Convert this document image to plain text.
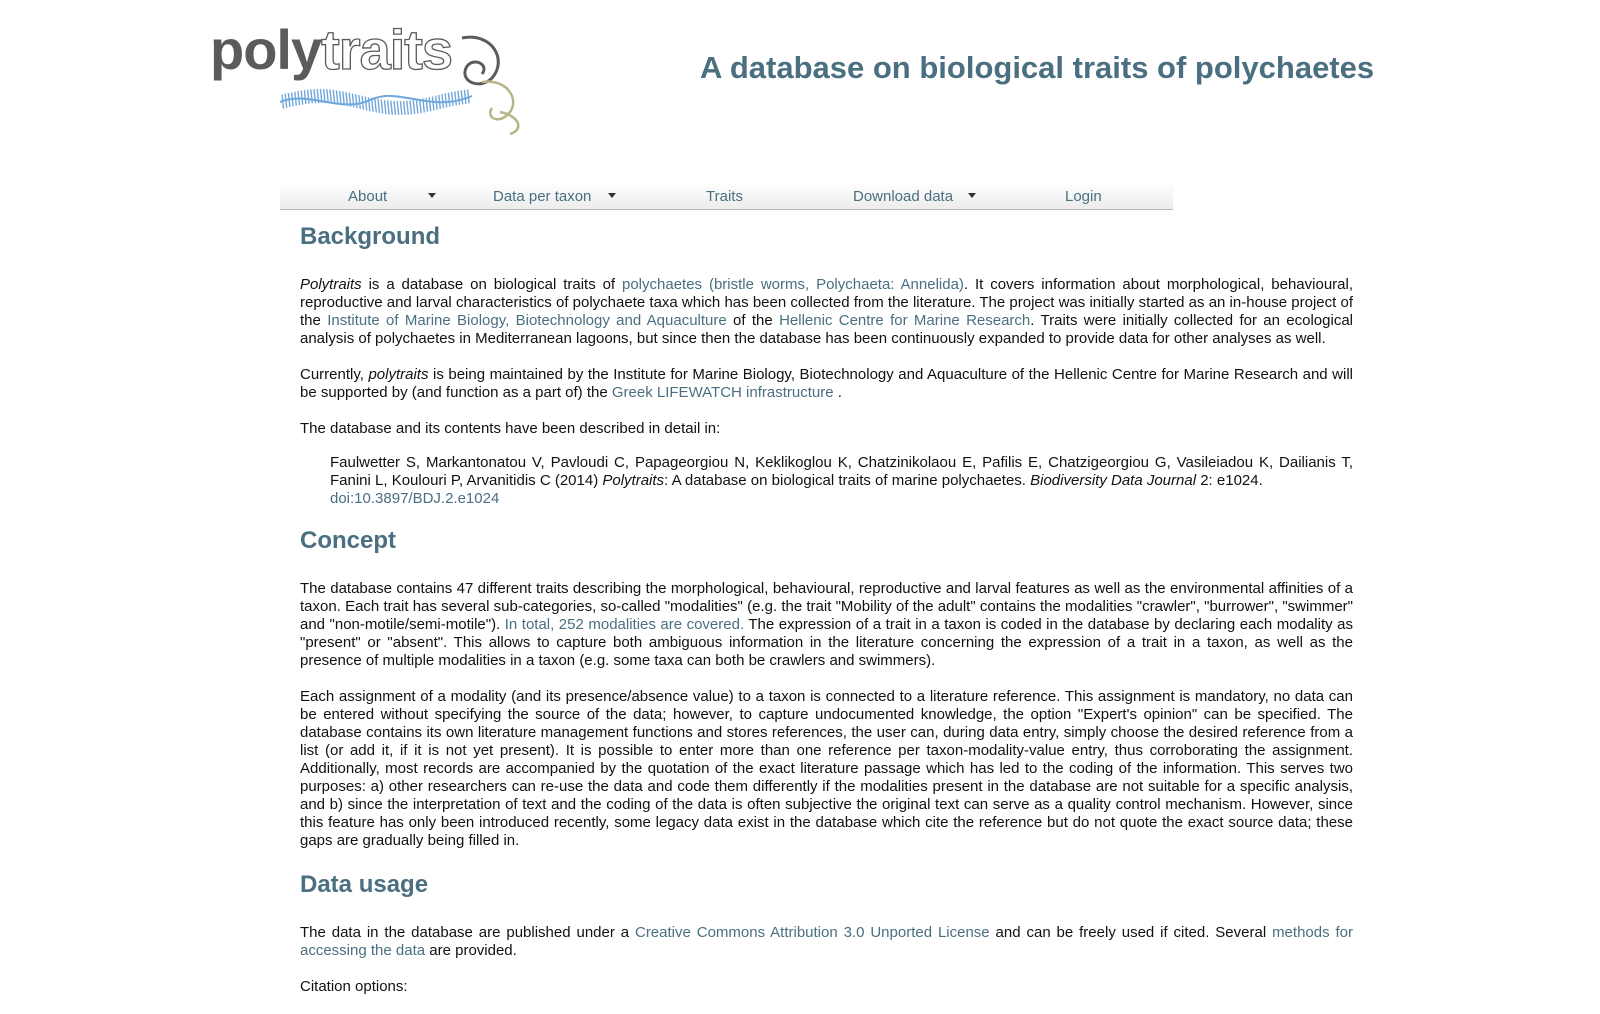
polytraits	A database on biological traits of polychaetes
About	Data per taxon	Traits	Download data	Login
Background

Polytraits is a database on biological traits of polychaetes (bristle worms, Polychaeta: Annelida). It covers information about morphological, behavioural, reproductive and larval characteristics of polychaete taxa which has been collected from the literature. The project was initially started as an in-house project of the Institute of Marine Biology, Biotechnology and Aquaculture of the Hellenic Centre for Marine Research. Traits were initially collected for an ecological analysis of polychaetes in Mediterranean lagoons, but since then the database has been continuously expanded to provide data for other analyses as well.

Currently, polytraits is being maintained by the Institute for Marine Biology, Biotechnology and Aquaculture of the Hellenic Centre for Marine Research and will be supported by (and function as a part of) the Greek LIFEWATCH infrastructure .

The database and its contents have been described in detail in:

Faulwetter S, Markantonatou V, Pavloudi C, Papageorgiou N, Keklikoglou K, Chatzinikolaou E, Pafilis E, Chatzigeorgiou G, Vasileiadou K, Dailianis T, Fanini L, Koulouri P, Arvanitidis C (2014) Polytraits: A database on biological traits of marine polychaetes. Biodiversity Data Journal 2: e1024.
doi:10.3897/BDJ.2.e1024

Concept

The database contains 47 different traits describing the morphological, behavioural, reproductive and larval features as well as the environmental affinities of a taxon. Each trait has several sub-categories, so-called "modalities" (e.g. the trait "Mobility of the adult" contains the modalities "crawler", "burrower", "swimmer" and "non-motile/semi-motile"). In total, 252 modalities are covered. The expression of a trait in a taxon is coded in the database by declaring each modality as "present" or "absent". This allows to capture both ambiguous information in the literature concerning the expression of a trait in a taxon, as well as the presence of multiple modalities in a taxon (e.g. some taxa can both be crawlers and swimmers).

Each assignment of a modality (and its presence/absence value) to a taxon is connected to a literature reference. This assignment is mandatory, no data can be entered without specifying the source of the data; however, to capture undocumented knowledge, the option "Expert's opinion" can be specified. The database contains its own literature management functions and stores references, the user can, during data entry, simply choose the desired reference from a list (or add it, if it is not yet present). It is possible to enter more than one reference per taxon-modality-value entry, thus corroborating the assignment. Additionally, most records are accompanied by the quotation of the exact literature passage which has led to the coding of the information. This serves two purposes: a) other researchers can re-use the data and code them differently if the modalities present in the database are not suitable for a specific analysis, and b) since the interpretation of text and the coding of the data is often subjective the original text can serve as a quality control mechanism. However, since this feature has only been introduced recently, some legacy data exist in the database which cite the reference but do not quote the exact source data; these gaps are gradually being filled in.

Data usage

The data in the database are published under a Creative Commons Attribution 3.0 Unported License and can be freely used if cited. Several methods for accessing the data are provided.

Citation options:
